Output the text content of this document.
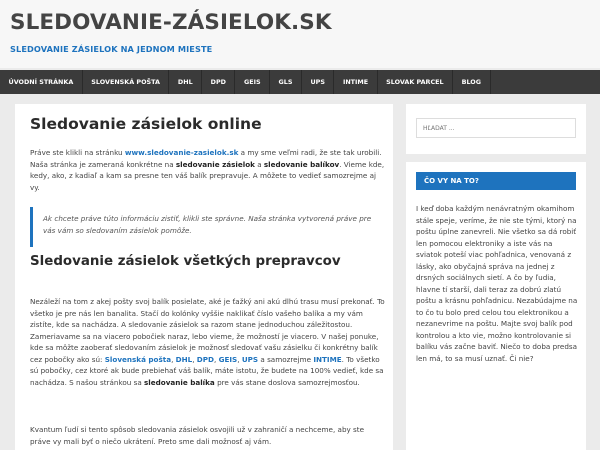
SLEDOVANIE-ZÁSIELOK.SK
SLEDOVANIE ZÁSIELOK NA JEDNOM MIESTE
ÚVODNÍ STRÁNKA	SLOVENSKÁ POŠTA	DHL	DPD	GEIS	GLS	UPS	INTIME	SLOVAK PARCEL	BLOG
Sledovanie zásielok online

Práve ste klikli na stránku www.sledovanie-zasielok.sk a my sme veľmi radi, že ste tak urobili. Naša stránka je zameraná konkrétne na sledovanie zásielok a sledovanie balíkov. Vieme kde, kedy, ako, z kadiaľ a kam sa presne ten váš balík prepravuje. A môžete to vedieť samozrejme aj vy.

Ak chcete práve túto informáciu zistiť, klikli ste správne. Naša stránka vytvorená práve pre vás vám so sledovaním zásielok pomôže.
Sledovanie zásielok všetkých prepravcov

Nezáleží na tom z akej pošty svoj balík posielate, aké je ťažký ani akú dlhú trasu musí prekonať. To všetko je pre nás len banalita. Stačí do kolónky vyššie naklikať číslo vašeho balíka a my vám zistíte, kde sa nachádza. A sledovanie zásielok sa razom stane jednoduchou záležitostou. Zameriavame sa na viacero pobočiek naraz, lebo vieme, že možností je viacero. V našej ponuke, kde sa môžte zaoberať sledovaním zásielok je možnosť sledovať vašu zásielku či konkrétny balík cez pobočky ako sú: Slovenská pošta, DHL, DPD, GEIS, UPS a samozrejme INTIME. To všetko sú pobočky, cez ktoré ak bude prebiehať váš balík, máte istotu, že budete na 100% vedieť, kde sa nachádza. S našou stránkou sa sledovanie balíka pre vás stane doslova samozrejmosťou.

Kvantum ľudí si tento spôsob sledovania zásielok osvojili už v zahraničí a nechceme, aby ste práve vy mali byť o niečo ukrátení. Preto sme dali možnosť aj vám.

HĽADAŤ ...
ČO VY NA TO?

I keď doba každým nenávratným okamihom stále speje, veríme, že nie ste tými, ktorý na poštu úplne zanevreli. Nie všetko sa dá robiť len pomocou elektroniky a iste vás na sviatok poteší viac pohľadnica, venovaná z lásky, ako obyčajná správa na jednej z drsných sociálnych sietí. A čo by ľudia, hlavne tí starší, dali teraz za dobrú zlatú poštu a krásnu pohľadnicu. Nezabúdajme na to čo tu bolo pred celou tou elektronikou a nezanevrime na poštu. Majte svoj balík pod kontrolou a kto vie, možno kontrolovanie si balíku vás začne baviť. Niečo to doba predsa len má, to sa musí uznať. Či nie?
